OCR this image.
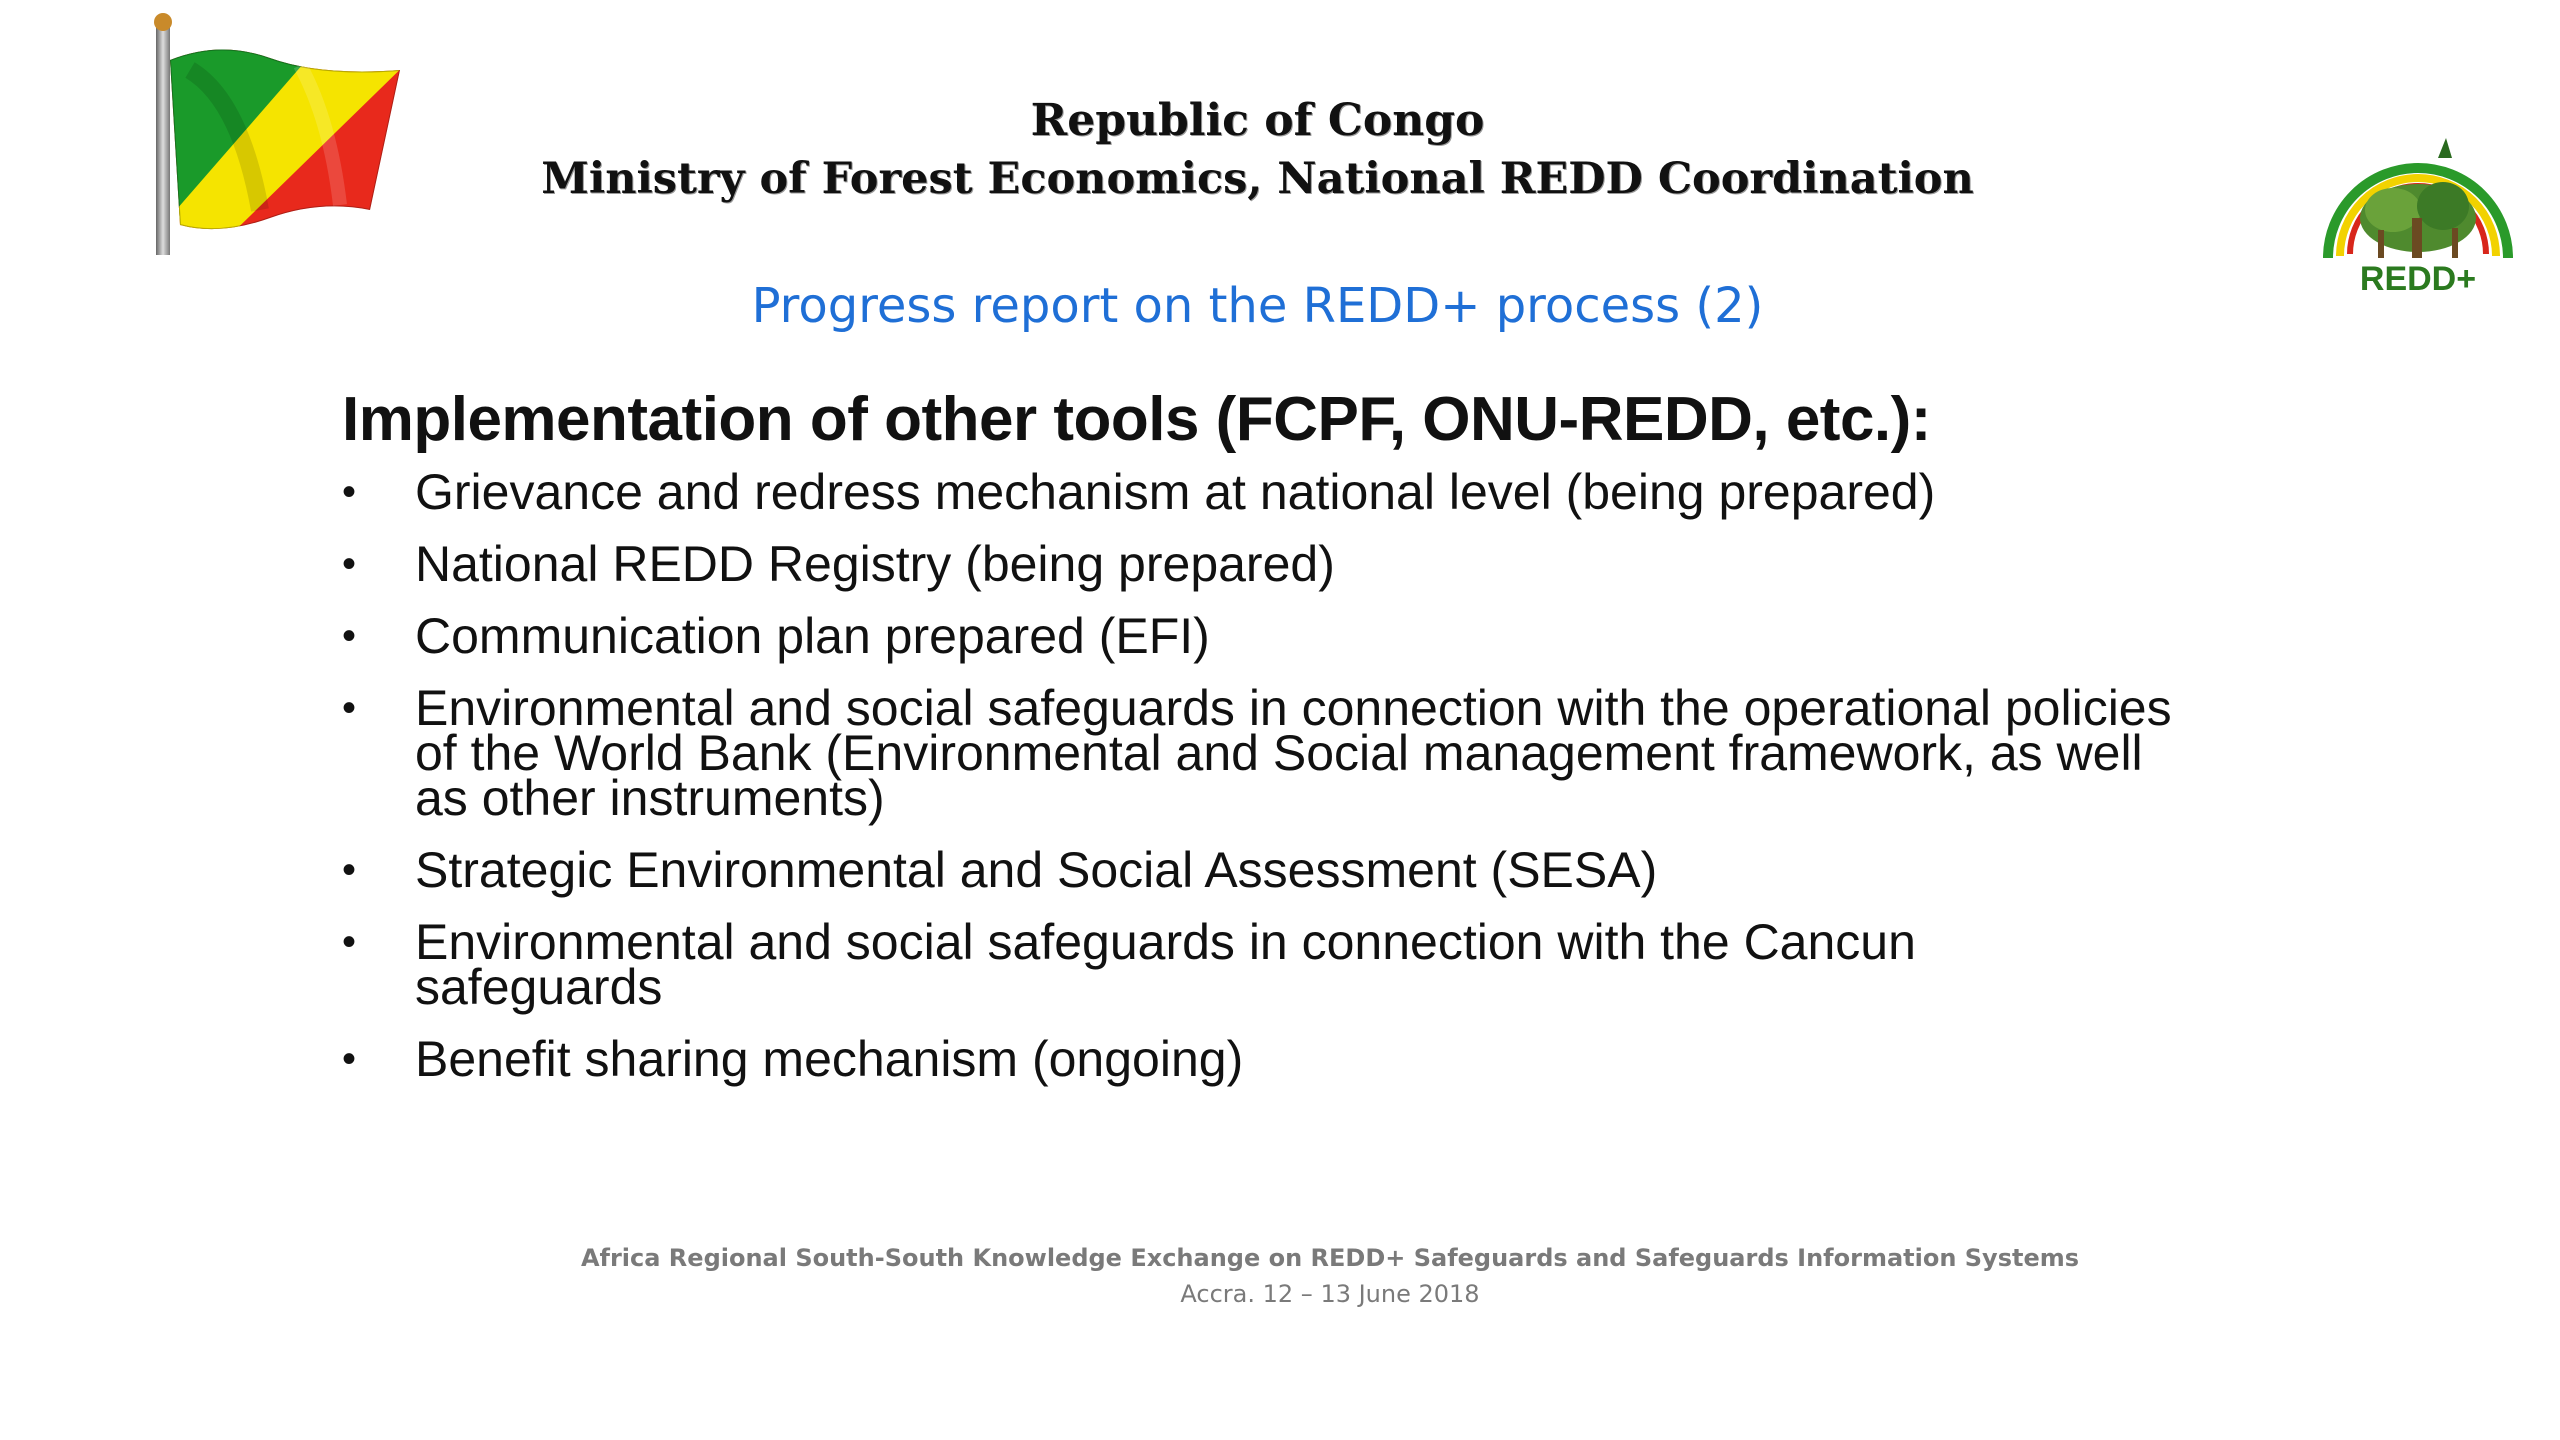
Republic of Congo
Ministry of Forest Economics, National REDD Coordination
REDD+
Progress report on the REDD+ process (2)
Implementation of other tools (FCPF, ONU-REDD, etc.):
• Grievance and redress mechanism at national level (being prepared)
• National REDD Registry (being prepared)
• Communication plan prepared (EFI)
• Environmental and social safeguards in connection with the operational policies of the World Bank (Environmental and Social management framework, as well as other instruments)
• Strategic Environmental and Social Assessment (SESA)
• Environmental and social safeguards in connection with the Cancun safeguards
• Benefit sharing mechanism (ongoing)
Africa Regional South-South Knowledge Exchange on REDD+ Safeguards and Safeguards Information Systems
Accra. 12 – 13 June 2018
